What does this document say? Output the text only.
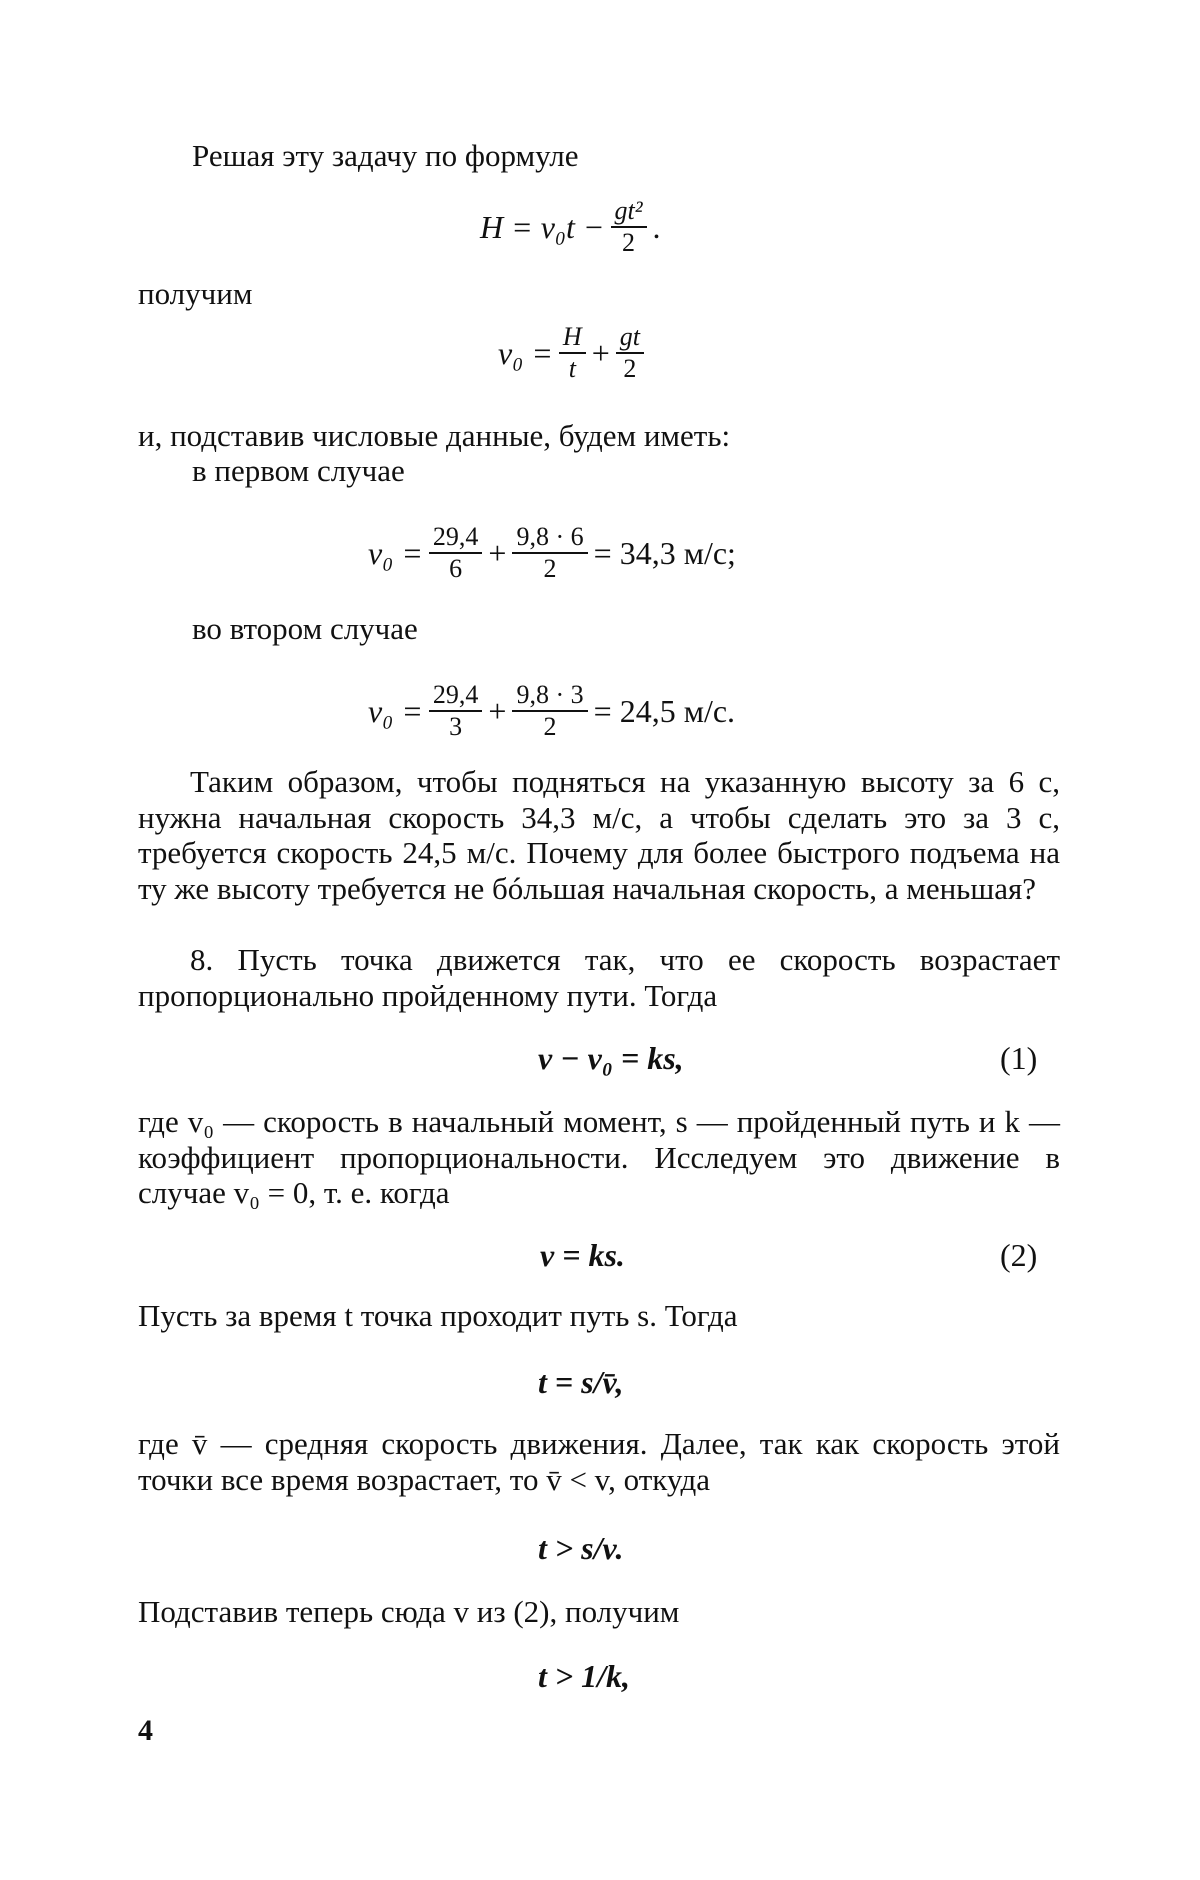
Решая эту задачу по формуле
$H = v_0t - \frac{\text{gt²}}{2}$ .
получим
$v_0 = \frac{H}{t} + \frac{gt}{2}$
и, подставив числовые данные, будем иметь:
в первом случае
$v_0 = \frac{29,4}{6} + \frac{9,8 \cdot 6}{2} = 34,3$ м/с;
во втором случае
$v_0 = \frac{29,4}{3} + \frac{9,8 \cdot 3}{2} = 24,5$ м/с.
Таким образом, чтобы подняться на указанную высоту за 6 с, нужна начальная скорость 34,3 м/с, а чтобы сделать это за 3 с, требуется скорость 24,5 м/с. Почему для более быстрого подъема на ту же высоту требуется не бóльшая начальная скорость, а меньшая?
8. Пусть точка движется так, что ее скорость возрастает пропорционально пройденному пути. Тогда
v − v₀ = ks,	(1)
где v₀ — скорость в начальный момент, s — пройденный путь и k — коэффициент пропорциональности. Исследуем это движение в случае v₀ = 0, т. е. когда
v = ks.	(2)
Пусть за время t точка проходит путь s. Тогда
t = s/v̄,
где v̄ — средняя скорость движения. Далее, так как скорость этой точки все время возрастает, то v̄ < v, откуда
t > s/v.
Подставив теперь сюда v из (2), получим
t > 1/k,
4
